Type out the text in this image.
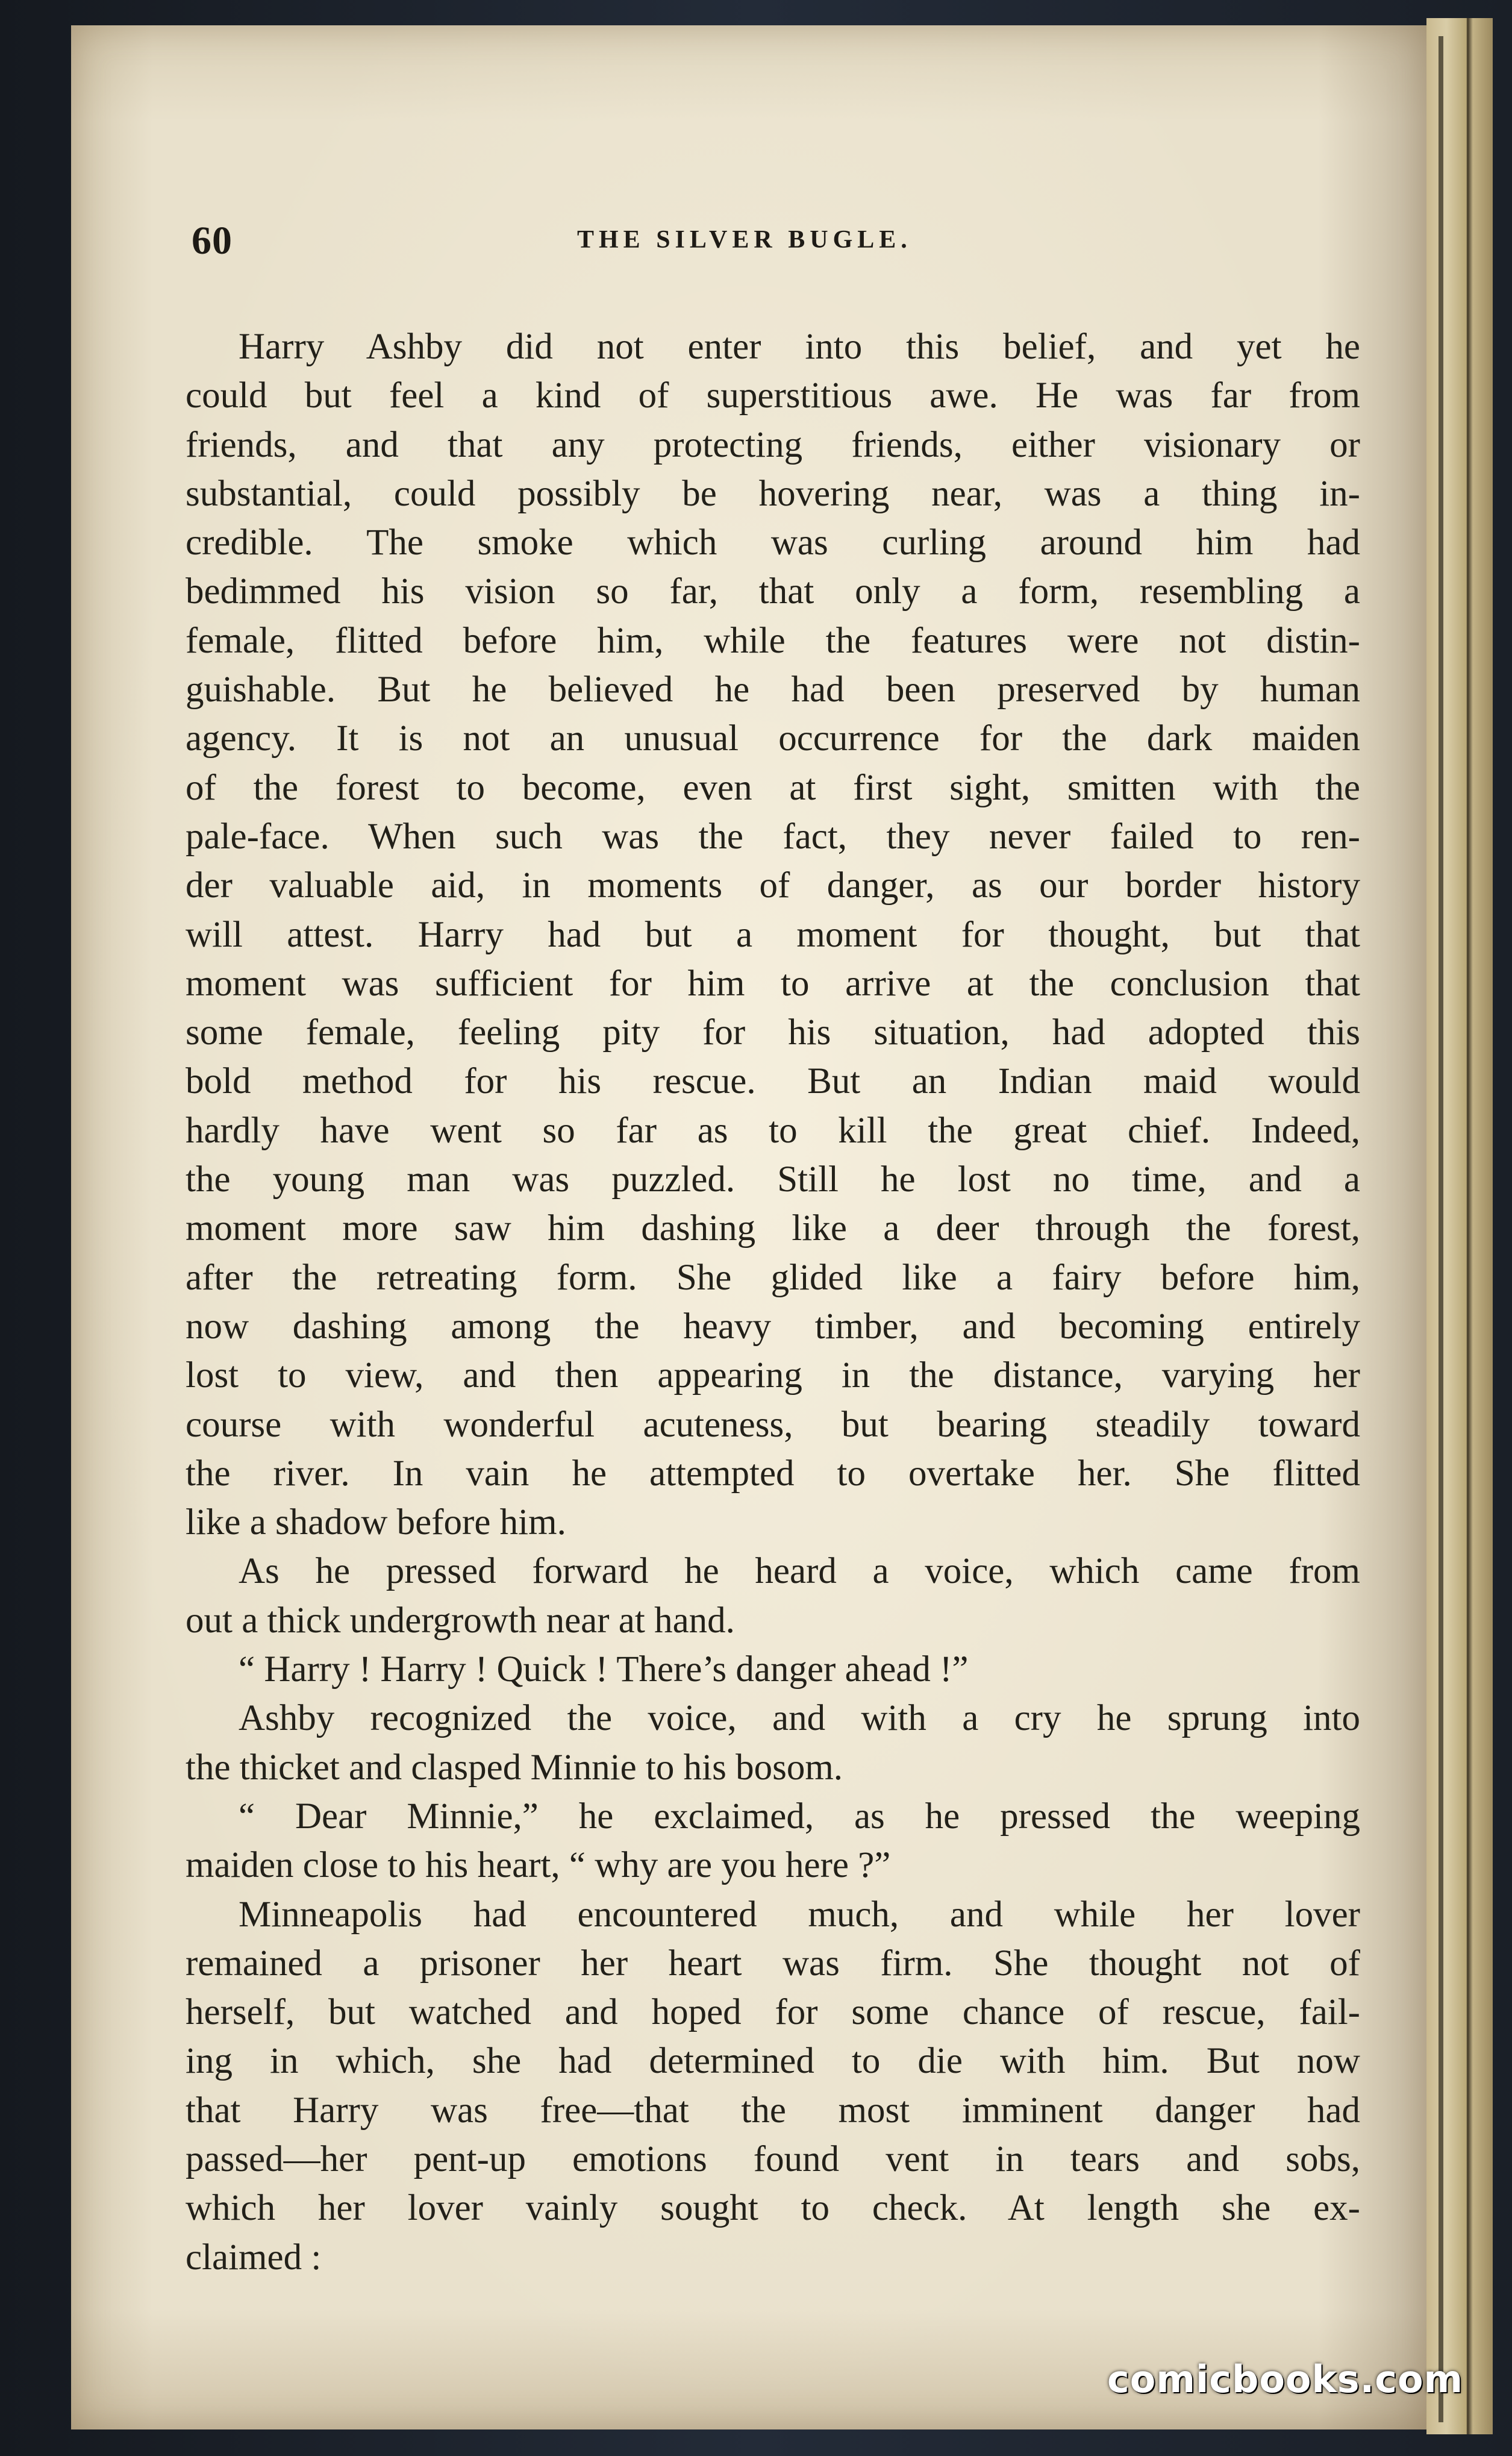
60	THE SILVER BUGLE.
Harry Ashby did not enter into this belief, and yet he
could but feel a kind of superstitious awe. He was far from
friends, and that any protecting friends, either visionary or
substantial, could possibly be hovering near, was a thing in-
credible. The smoke which was curling around him had
bedimmed his vision so far, that only a form, resembling a
female, flitted before him, while the features were not distin-
guishable. But he believed he had been preserved by human
agency. It is not an unusual occurrence for the dark maiden
of the forest to become, even at first sight, smitten with the
pale-face. When such was the fact, they never failed to ren-
der valuable aid, in moments of danger, as our border history
will attest. Harry had but a moment for thought, but that
moment was sufficient for him to arrive at the conclusion that
some female, feeling pity for his situation, had adopted this
bold method for his rescue. But an Indian maid would
hardly have went so far as to kill the great chief. Indeed,
the young man was puzzled. Still he lost no time, and a
moment more saw him dashing like a deer through the forest,
after the retreating form. She glided like a fairy before him,
now dashing among the heavy timber, and becoming entirely
lost to view, and then appearing in the distance, varying her
course with wonderful acuteness, but bearing steadily toward
the river. In vain he attempted to overtake her. She flitted
like a shadow before him.
As he pressed forward he heard a voice, which came from
out a thick undergrowth near at hand.
“ Harry ! Harry ! Quick ! There’s danger ahead !”
Ashby recognized the voice, and with a cry he sprung into
the thicket and clasped Minnie to his bosom.
“ Dear Minnie,” he exclaimed, as he pressed the weeping
maiden close to his heart, “ why are you here ?”
Minneapolis had encountered much, and while her lover
remained a prisoner her heart was firm. She thought not of
herself, but watched and hoped for some chance of rescue, fail-
ing in which, she had determined to die with him. But now
that Harry was free—that the most imminent danger had
passed—her pent-up emotions found vent in tears and sobs,
which her lover vainly sought to check. At length she ex-
claimed :
comicbooks.com
